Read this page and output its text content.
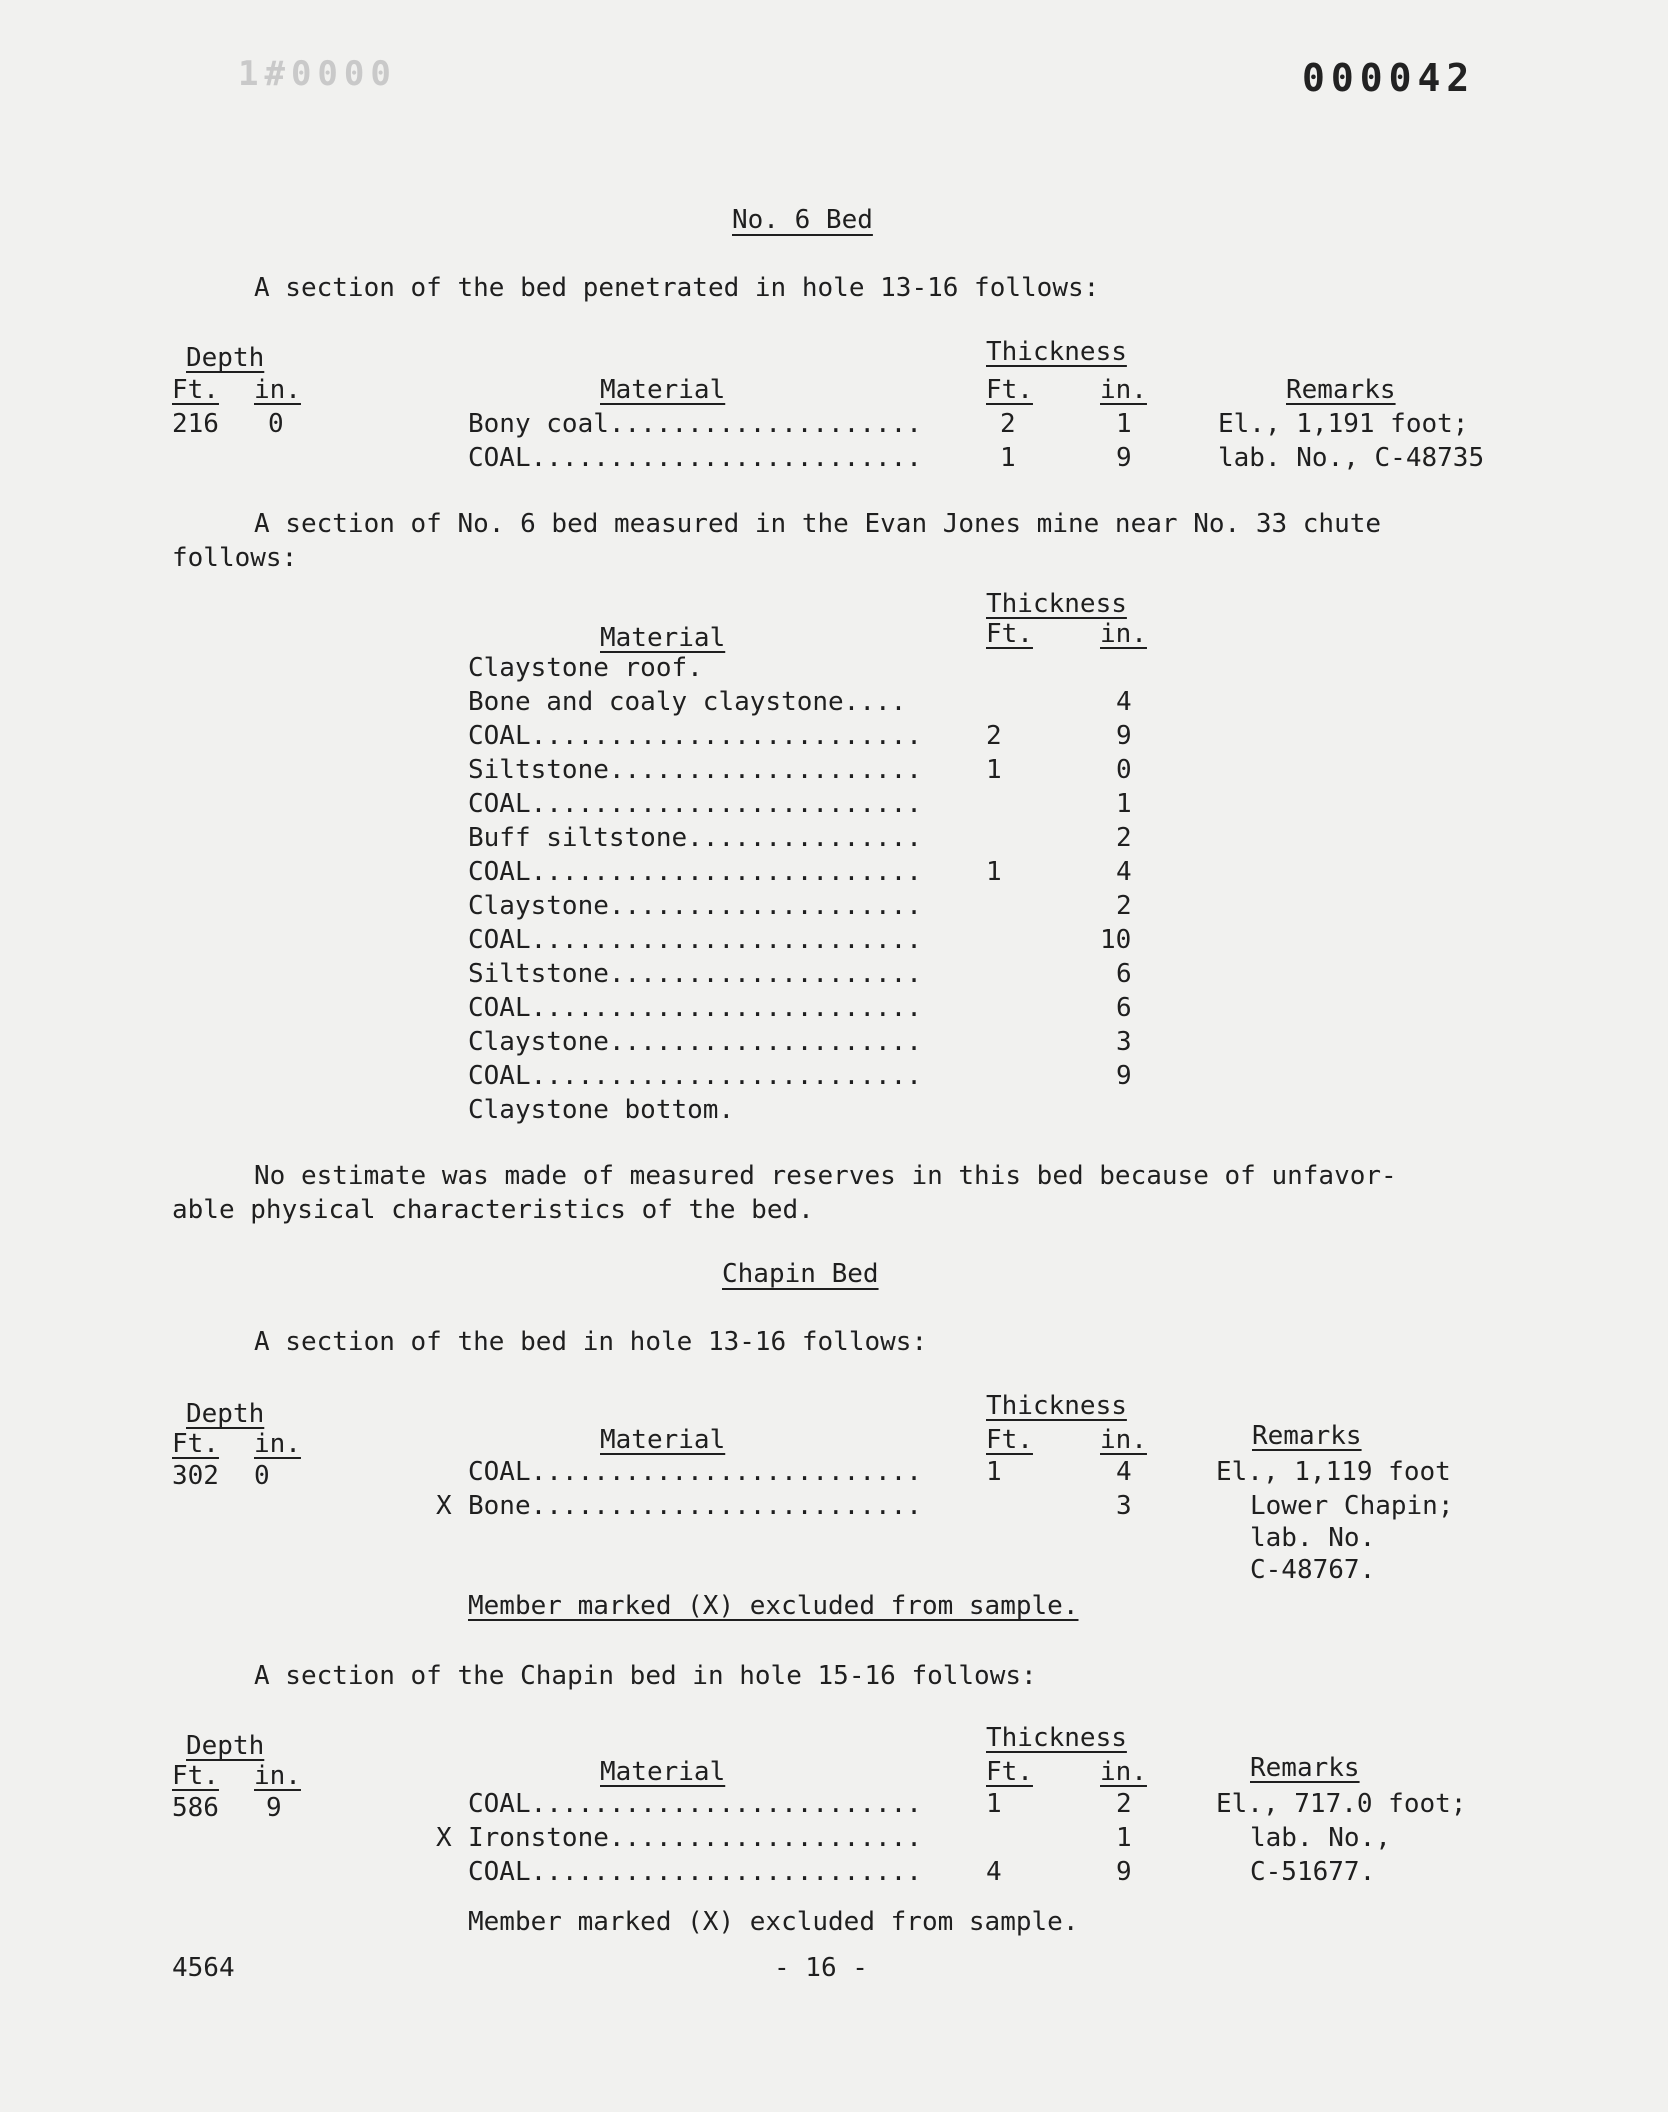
1#0000	000042
No. 6 Bed
A section of the bed penetrated in hole 13-16 follows:
Depth	Thickness
Ft. in.	Material	Ft.	in.	Remarks
216 0	Bony coal....................	2	1	El., 1,191 foot;
COAL.........................	1	9	lab. No., C-48735
A section of No. 6 bed measured in the Evan Jones mine near No. 33 chute
follows:
Thickness
Material	Ft.	in.
Claystone roof.
Bone and coaly claystone....	4
COAL......................... 2	9
Siltstone.................... 1	0
COAL.........................	1
Buff siltstone...............	2
COAL......................... 1	4
Claystone....................	2
COAL.........................	10
Siltstone....................	6
COAL.........................	6
Claystone....................	3
COAL.........................	9
Claystone bottom.
No estimate was made of measured reserves in this bed because of unfavor-
able physical characteristics of the bed.
Chapin Bed
A section of the bed in hole 13-16 follows:
Depth	Thickness
Ft. in.	Material	Ft.	in.	Remarks
302 0	COAL......................... 1	4	El., 1,119 foot
X Bone.........................	3	Lower Chapin;
lab. No.
C-48767.
Member marked (X) excluded from sample.
A section of the Chapin bed in hole 15-16 follows:
Depth	Thickness
Ft. in.	Material	Ft.	in.	Remarks
586 9	COAL......................... 1	2	El., 717.0 foot;
X Ironstone....................	1	lab. No.,
COAL......................... 4	9	C-51677.
Member marked (X) excluded from sample.
4564	- 16 -
